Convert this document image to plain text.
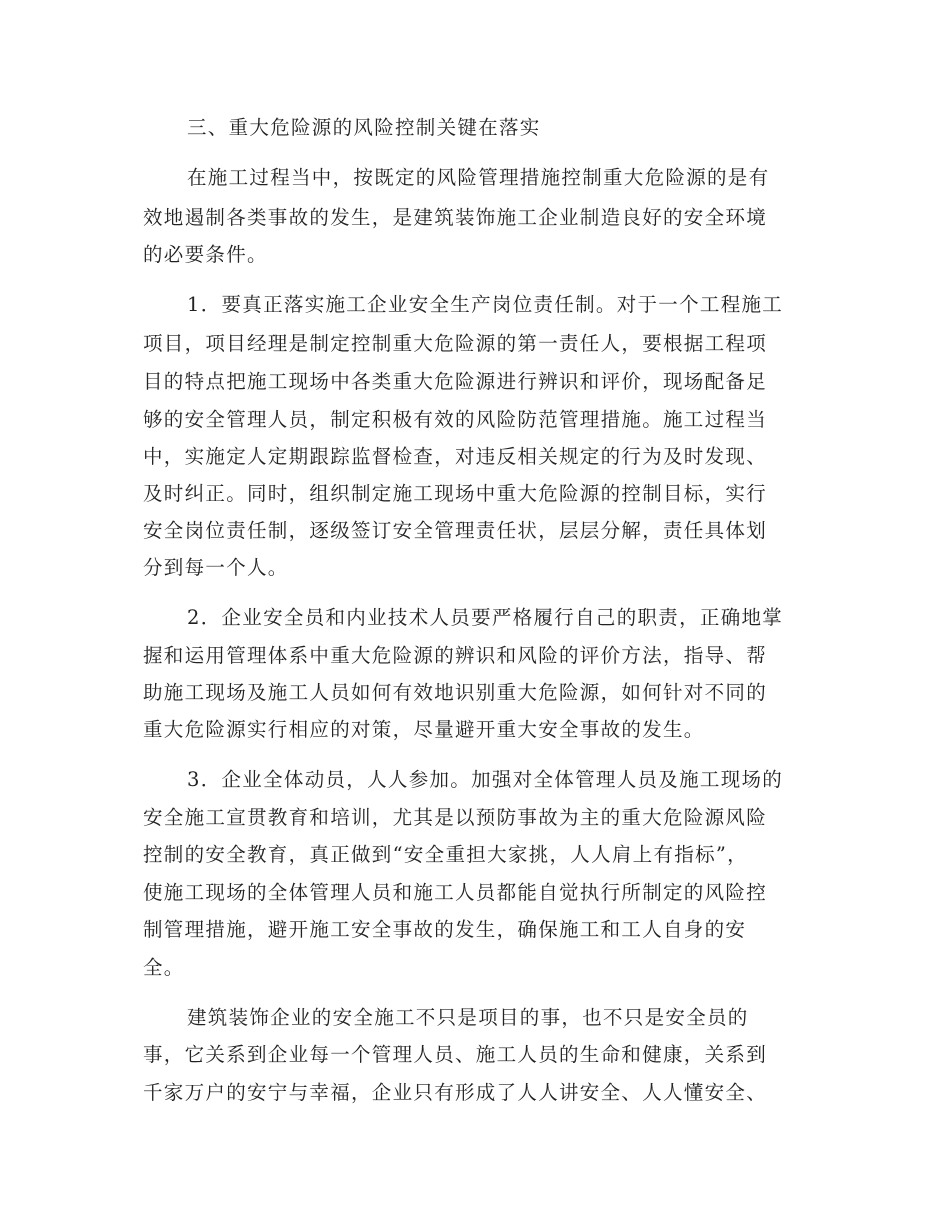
三、重大危险源的风险控制关键在落实
在施工过程当中，按既定的风险管理措施控制重大危险源的是有
效地遏制各类事故的发生，是建筑装饰施工企业制造良好的安全环境
的必要条件。
1．要真正落实施工企业安全生产岗位责任制。对于一个工程施工
项目，项目经理是制定控制重大危险源的第一责任人，要根据工程项
目的特点把施工现场中各类重大危险源进行辨识和评价，现场配备足
够的安全管理人员，制定积极有效的风险防范管理措施。施工过程当
中，实施定人定期跟踪监督检查，对违反相关规定的行为及时发现、
及时纠正。同时，组织制定施工现场中重大危险源的控制目标，实行
安全岗位责任制，逐级签订安全管理责任状，层层分解，责任具体划
分到每一个人。
2．企业安全员和内业技术人员要严格履行自己的职责，正确地掌
握和运用管理体系中重大危险源的辨识和风险的评价方法，指导、帮
助施工现场及施工人员如何有效地识别重大危险源，如何针对不同的
重大危险源实行相应的对策，尽量避开重大安全事故的发生。
3．企业全体动员，人人参加。加强对全体管理人员及施工现场的
安全施工宣贯教育和培训，尤其是以预防事故为主的重大危险源风险
控制的安全教育，真正做到“安全重担大家挑，人人肩上有指标”，
使施工现场的全体管理人员和施工人员都能自觉执行所制定的风险控
制管理措施，避开施工安全事故的发生，确保施工和工人自身的安
全。
建筑装饰企业的安全施工不只是项目的事，也不只是安全员的
事，它关系到企业每一个管理人员、施工人员的生命和健康，关系到
千家万户的安宁与幸福，企业只有形成了人人讲安全、人人懂安全、
